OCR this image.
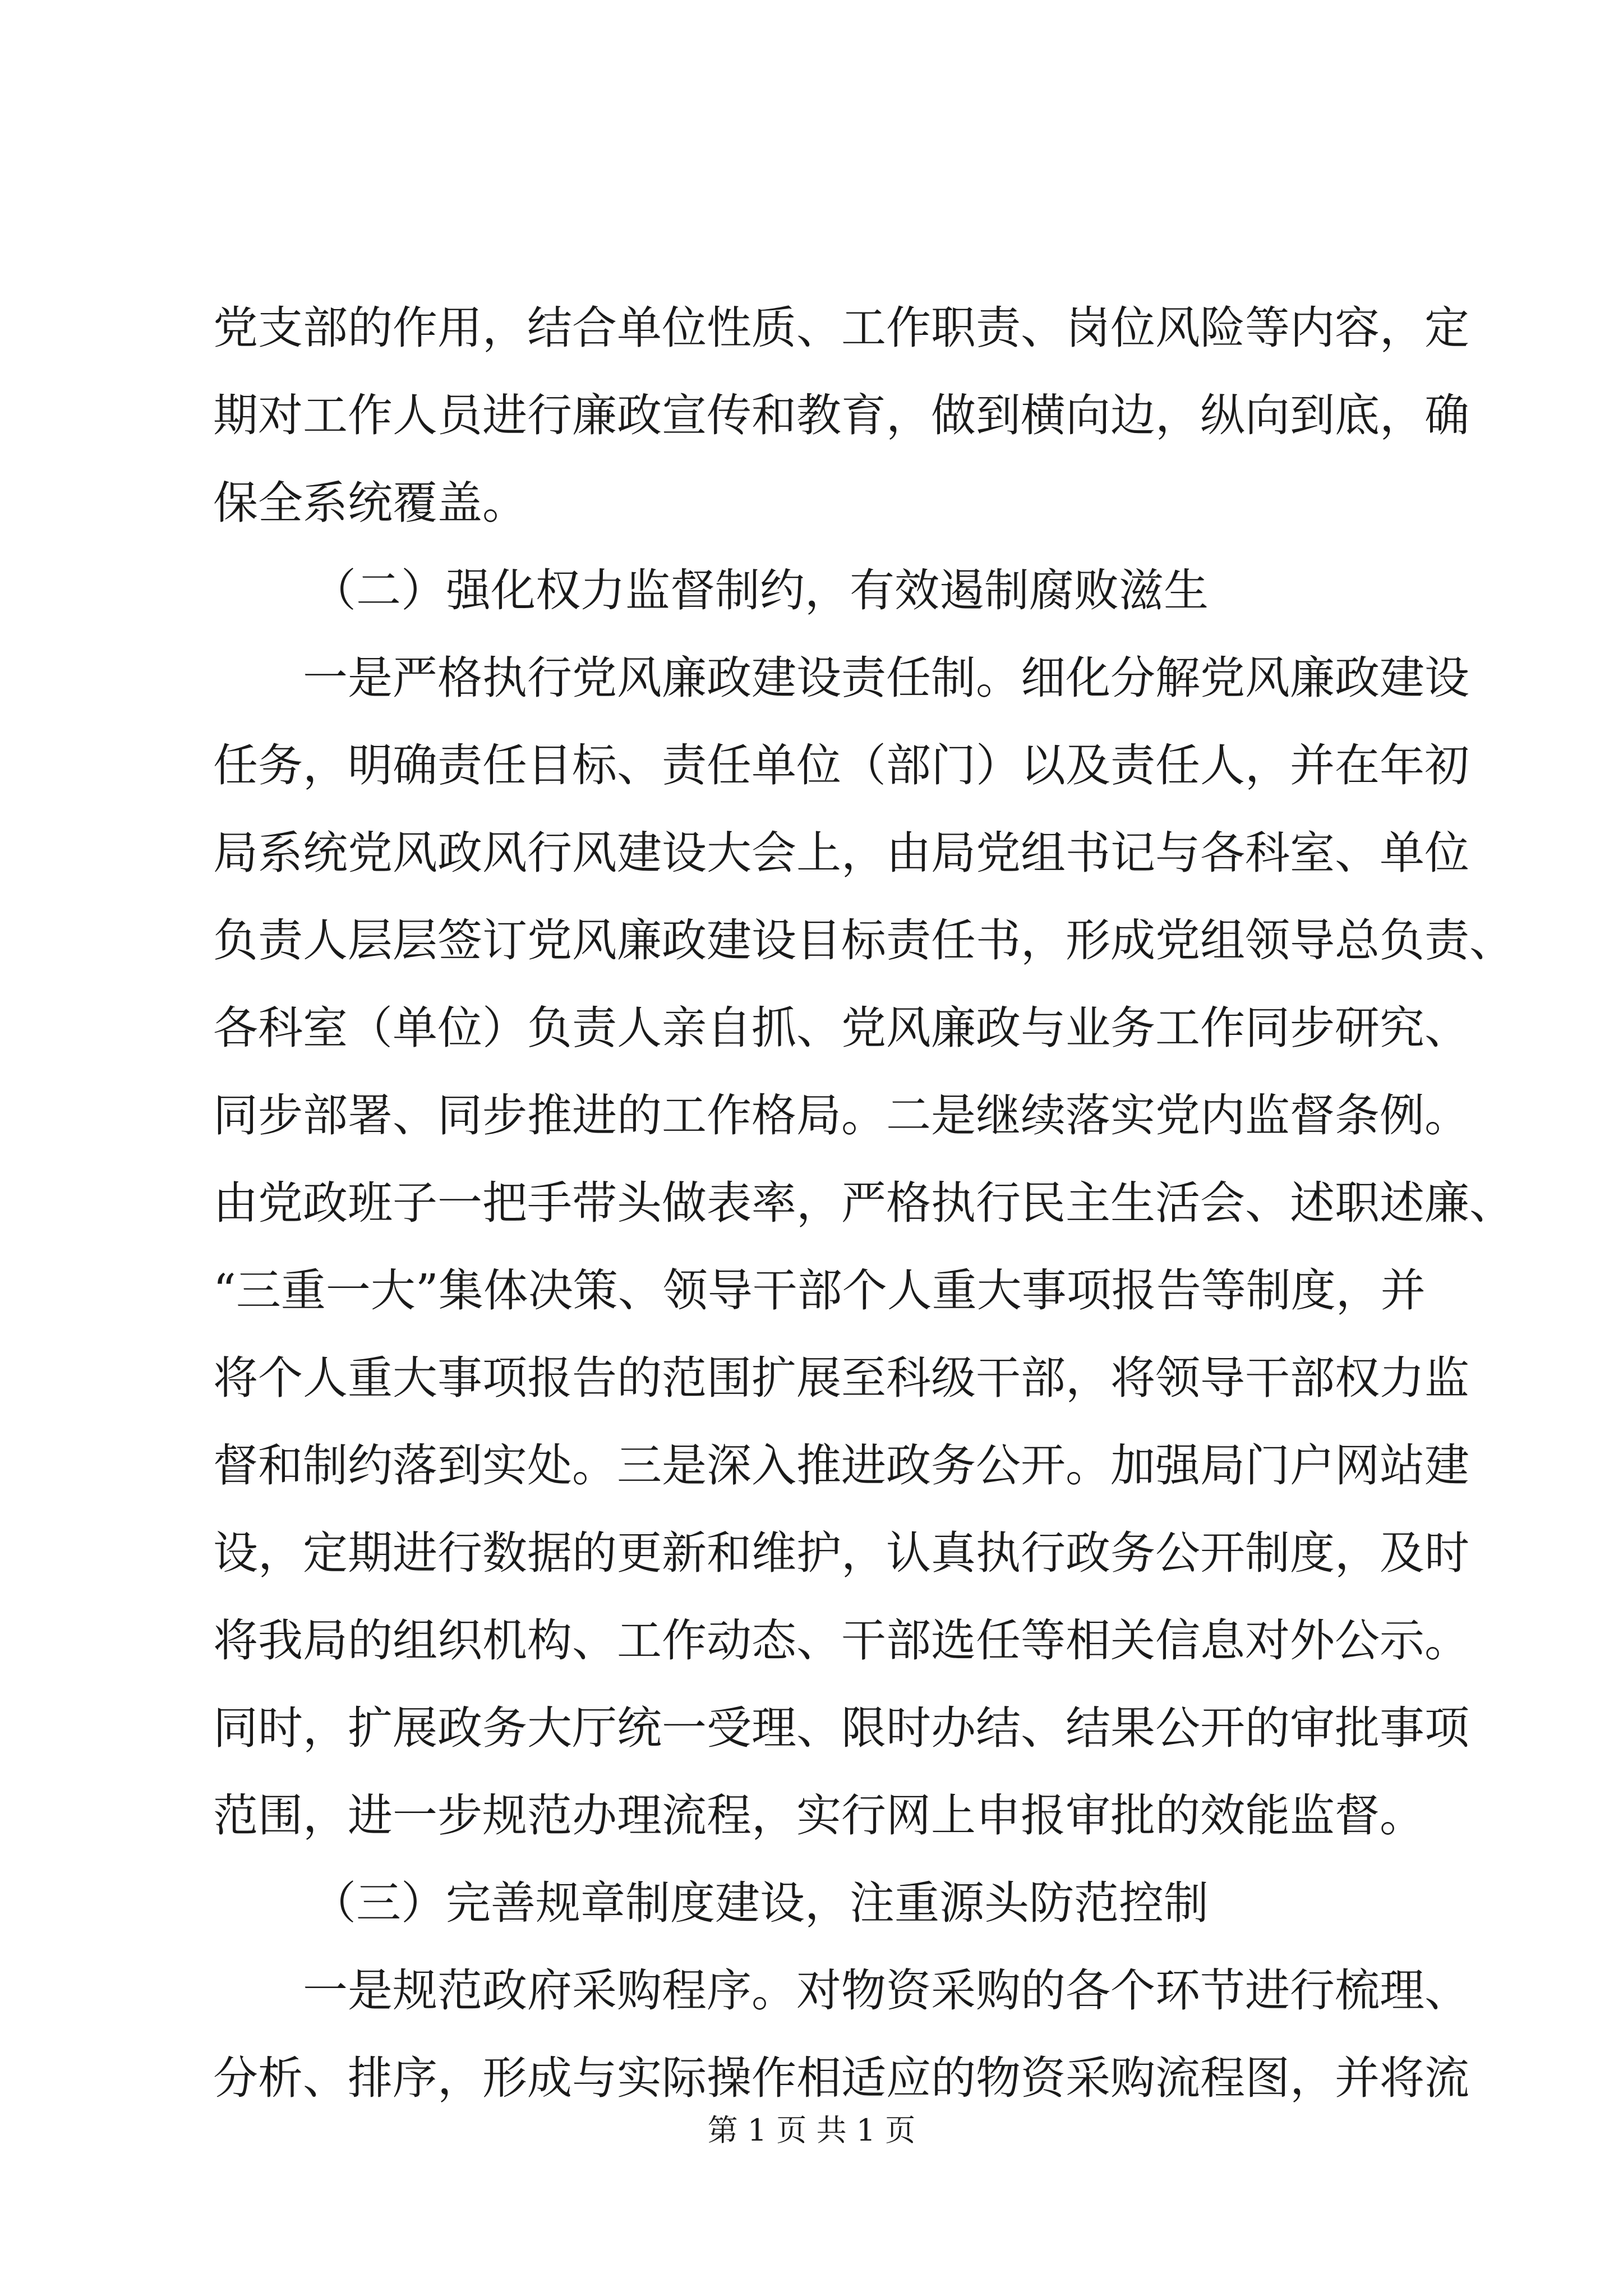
党支部的作用，结合单位性质、工作职责、岗位风险等内容，定

期对工作人员进行廉政宣传和教育，做到横向边，纵向到底，确

保全系统覆盖。

（二）强化权力监督制约，有效遏制腐败滋生

一是严格执行党风廉政建设责任制。细化分解党风廉政建设

任务，明确责任目标、责任单位（部门）以及责任人，并在年初

局系统党风政风行风建设大会上，由局党组书记与各科室、单位

负责人层层签订党风廉政建设目标责任书，形成党组领导总负责、

各科室（单位）负责人亲自抓、党风廉政与业务工作同步研究、

同步部署、同步推进的工作格局。二是继续落实党内监督条例。

由党政班子一把手带头做表率，严格执行民主生活会、述职述廉、

“三重一大”集体决策、领导干部个人重大事项报告等制度，并

将个人重大事项报告的范围扩展至科级干部，将领导干部权力监

督和制约落到实处。三是深入推进政务公开。加强局门户网站建

设，定期进行数据的更新和维护，认真执行政务公开制度，及时

将我局的组织机构、工作动态、干部选任等相关信息对外公示。

同时，扩展政务大厅统一受理、限时办结、结果公开的审批事项

范围，进一步规范办理流程，实行网上申报审批的效能监督。

（三）完善规章制度建设，注重源头防范控制

一是规范政府采购程序。对物资采购的各个环节进行梳理、

分析、排序，形成与实际操作相适应的物资采购流程图，并将流

第 1 页 共 1 页
